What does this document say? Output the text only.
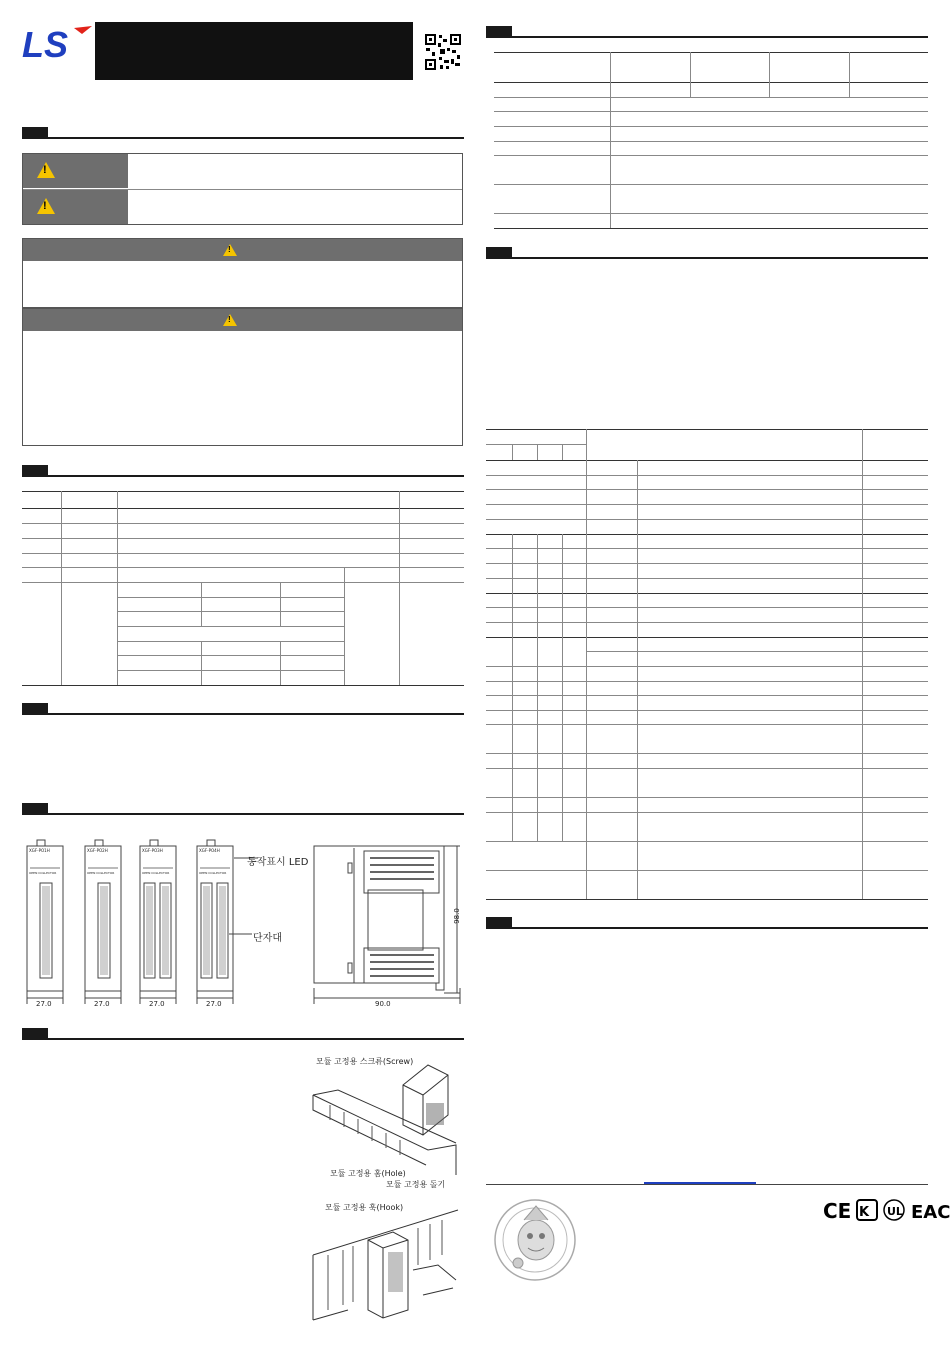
LS
!
!
!
!
XGF-PO1H	XGF-PO2H	XGF-PO3H	XGF-PO4H
OPEN COLLECTOR	OPEN COLLECTOR	OPEN COLLECTOR	OPEN COLLECTOR
동작표시 LED
단자대
27.0	27.0	27.0	27.0	90.0
98.0
모듈 고정용 스크류(Screw)
모듈 고정용 홈(Hole)
모듈 고정용 돌기
모듈 고정용 훅(Hook)	CE K UL EAC
